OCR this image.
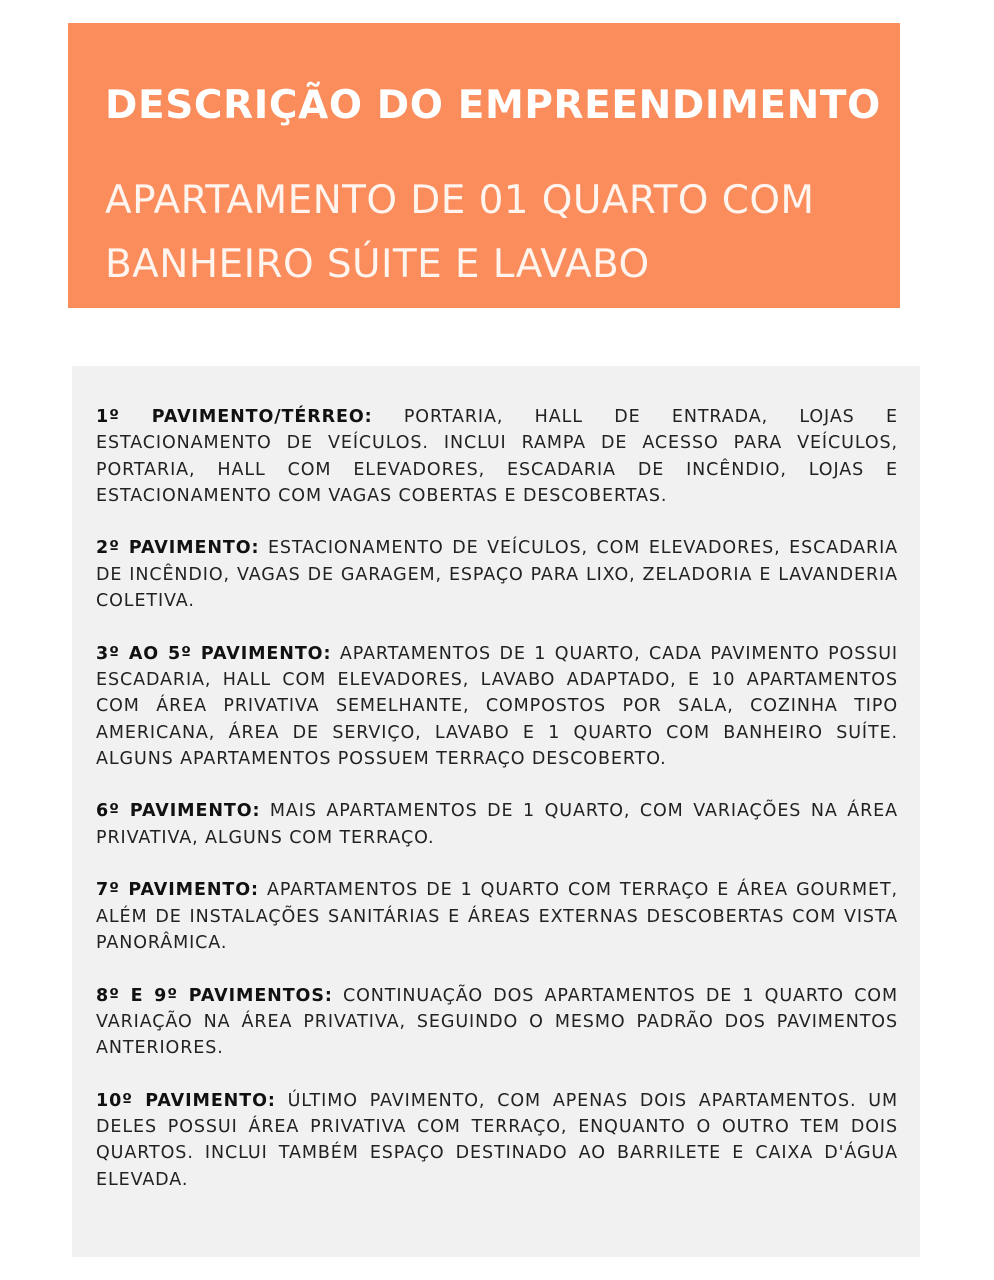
DESCRIÇÃO DO EMPREENDIMENTO
APARTAMENTO DE 01 QUARTO COM BANHEIRO SÚITE E LAVABO

1º PAVIMENTO/TÉRREO: PORTARIA, HALL DE ENTRADA, LOJAS E ESTACIONAMENTO DE VEÍCULOS. INCLUI RAMPA DE ACESSO PARA VEÍCULOS, PORTARIA, HALL COM ELEVADORES, ESCADARIA DE INCÊNDIO, LOJAS E ESTACIONAMENTO COM VAGAS COBERTAS E DESCOBERTAS.

2º PAVIMENTO: ESTACIONAMENTO DE VEÍCULOS, COM ELEVADORES, ESCADARIA DE INCÊNDIO, VAGAS DE GARAGEM, ESPAÇO PARA LIXO, ZELADORIA E LAVANDERIA COLETIVA.

3º AO 5º PAVIMENTO: APARTAMENTOS DE 1 QUARTO, CADA PAVIMENTO POSSUI ESCADARIA, HALL COM ELEVADORES, LAVABO ADAPTADO, E 10 APARTAMENTOS COM ÁREA PRIVATIVA SEMELHANTE, COMPOSTOS POR SALA, COZINHA TIPO AMERICANA, ÁREA DE SERVIÇO, LAVABO E 1 QUARTO COM BANHEIRO SUÍTE. ALGUNS APARTAMENTOS POSSUEM TERRAÇO DESCOBERTO.

6º PAVIMENTO: MAIS APARTAMENTOS DE 1 QUARTO, COM VARIAÇÕES NA ÁREA PRIVATIVA, ALGUNS COM TERRAÇO.

7º PAVIMENTO: APARTAMENTOS DE 1 QUARTO COM TERRAÇO E ÁREA GOURMET, ALÉM DE INSTALAÇÕES SANITÁRIAS E ÁREAS EXTERNAS DESCOBERTAS COM VISTA PANORÂMICA.

8º E 9º PAVIMENTOS: CONTINUAÇÃO DOS APARTAMENTOS DE 1 QUARTO COM VARIAÇÃO NA ÁREA PRIVATIVA, SEGUINDO O MESMO PADRÃO DOS PAVIMENTOS ANTERIORES.

10º PAVIMENTO: ÚLTIMO PAVIMENTO, COM APENAS DOIS APARTAMENTOS. UM DELES POSSUI ÁREA PRIVATIVA COM TERRAÇO, ENQUANTO O OUTRO TEM DOIS QUARTOS. INCLUI TAMBÉM ESPAÇO DESTINADO AO BARRILETE E CAIXA D'ÁGUA ELEVADA.
